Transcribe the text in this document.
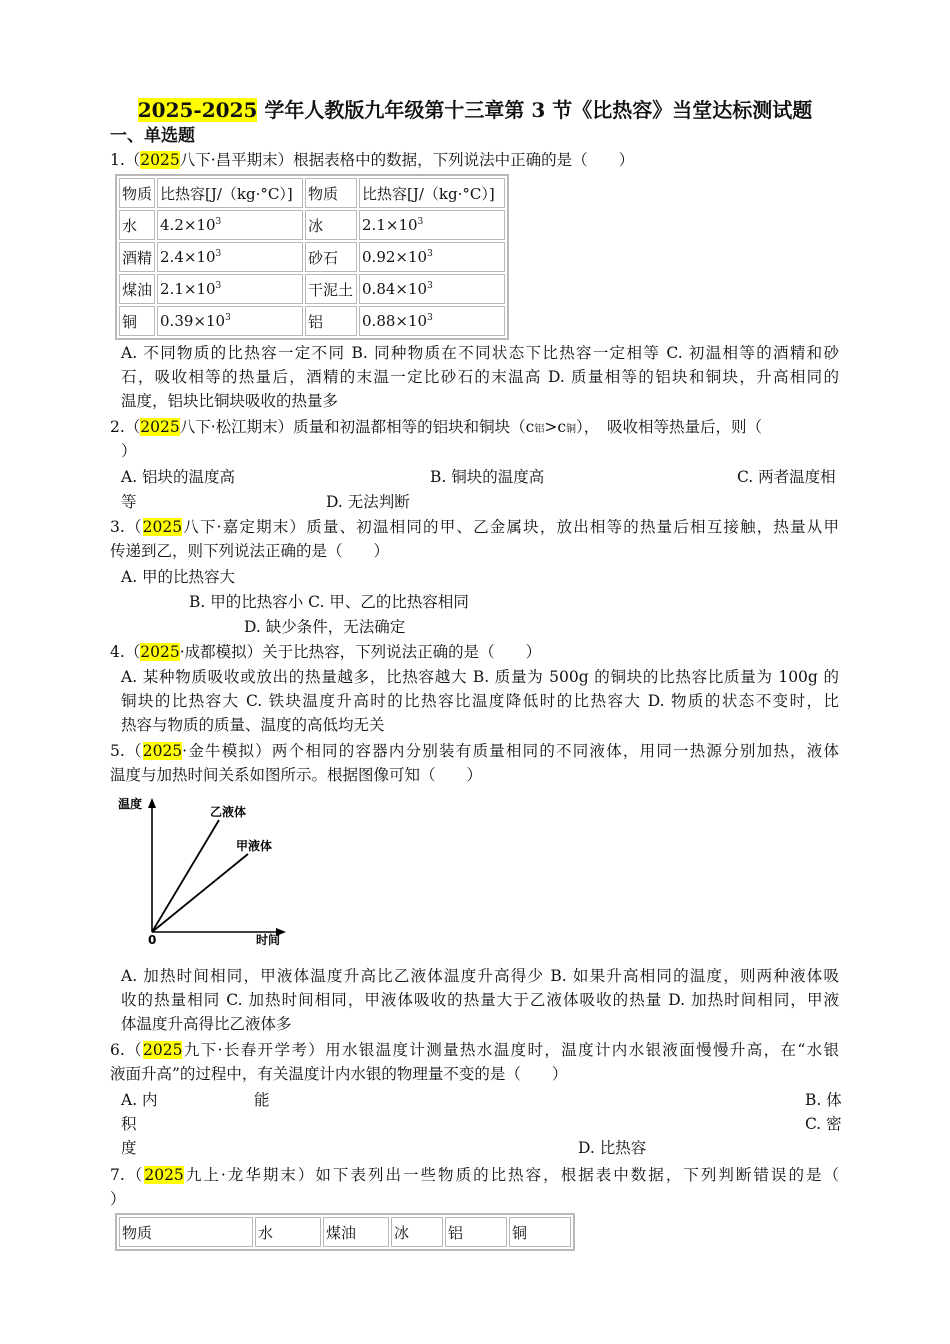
2025-2025 学年人教版九年级第十三章第 3 节《比热容》当堂达标测试题
一、单选题
1.（2025八下·昌平期末）根据表格中的数据，下列说法中正确的是（　　）
物质	比热容[J/（kg·°C）]	物质	比热容[J/（kg·°C）]
水	$4.2\times 10^3$	冰	$2.1\times 10^3$
酒精	$2.4\times 10^3$	砂石	$0.92\times 10^3$
煤油	$2.1\times 10^3$	干泥土	$0.84\times 10^3$
铜	$0.39\times 10^3$	铝	$0.88\times 10^3$
A. 不同物质的比热容一定不同 B. 同种物质在不同状态下比热容一定相等 C. 初温相等的酒精和砂
石，吸收相等的热量后，酒精的末温一定比砂石的末温高 D. 质量相等的铝块和铜块，升高相同的
温度，铝块比铜块吸收的热量多
2.（2025八下·松江期末）质量和初温都相等的铝块和铜块（c铝>c铜），　吸收相等热量后，则（
）
A. 铝块的温度高	B. 铜块的温度高	C. 两者温度相
等	D. 无法判断
3.（2025八下·嘉定期末）质量、初温相同的甲、乙金属块，放出相等的热量后相互接触，热量从甲
传递到乙，则下列说法正确的是（　　）
A. 甲的比热容大
B. 甲的比热容小 C. 甲、乙的比热容相同
D. 缺少条件，无法确定
4.（2025·成都模拟）关于比热容，下列说法正确的是（　　）
A. 某种物质吸收或放出的热量越多，比热容越大 B. 质量为 500g 的铜块的比热容比质量为 100g 的
铜块的比热容大 C. 铁块温度升高时的比热容比温度降低时的比热容大 D. 物质的状态不变时，比
热容与物质的质量、温度的高低均无关
5.（2025·金牛模拟）两个相同的容器内分别装有质量相同的不同液体，用同一热源分别加热，液体
温度与加热时间关系如图所示。根据图像可知（　　）
温度
时间
0
乙液体
甲液体
A. 加热时间相同，甲液体温度升高比乙液体温度升高得少 B. 如果升高相同的温度，则两种液体吸
收的热量相同 C. 加热时间相同，甲液体吸收的热量大于乙液体吸收的热量 D. 加热时间相同，甲液
体温度升高得比乙液体多
6.（2025九下·长春开学考）用水银温度计测量热水温度时，温度计内水银液面慢慢升高，在“水银
液面升高”的过程中，有关温度计内水银的物理量不变的是（　　）
A. 内	能	B. 体
积	C. 密
度	D. 比热容
7.（2025九上·龙华期末）如下表列出一些物质的比热容，根据表中数据，下列判断错误的是（
）
物质	水	煤油	冰	铝	铜
